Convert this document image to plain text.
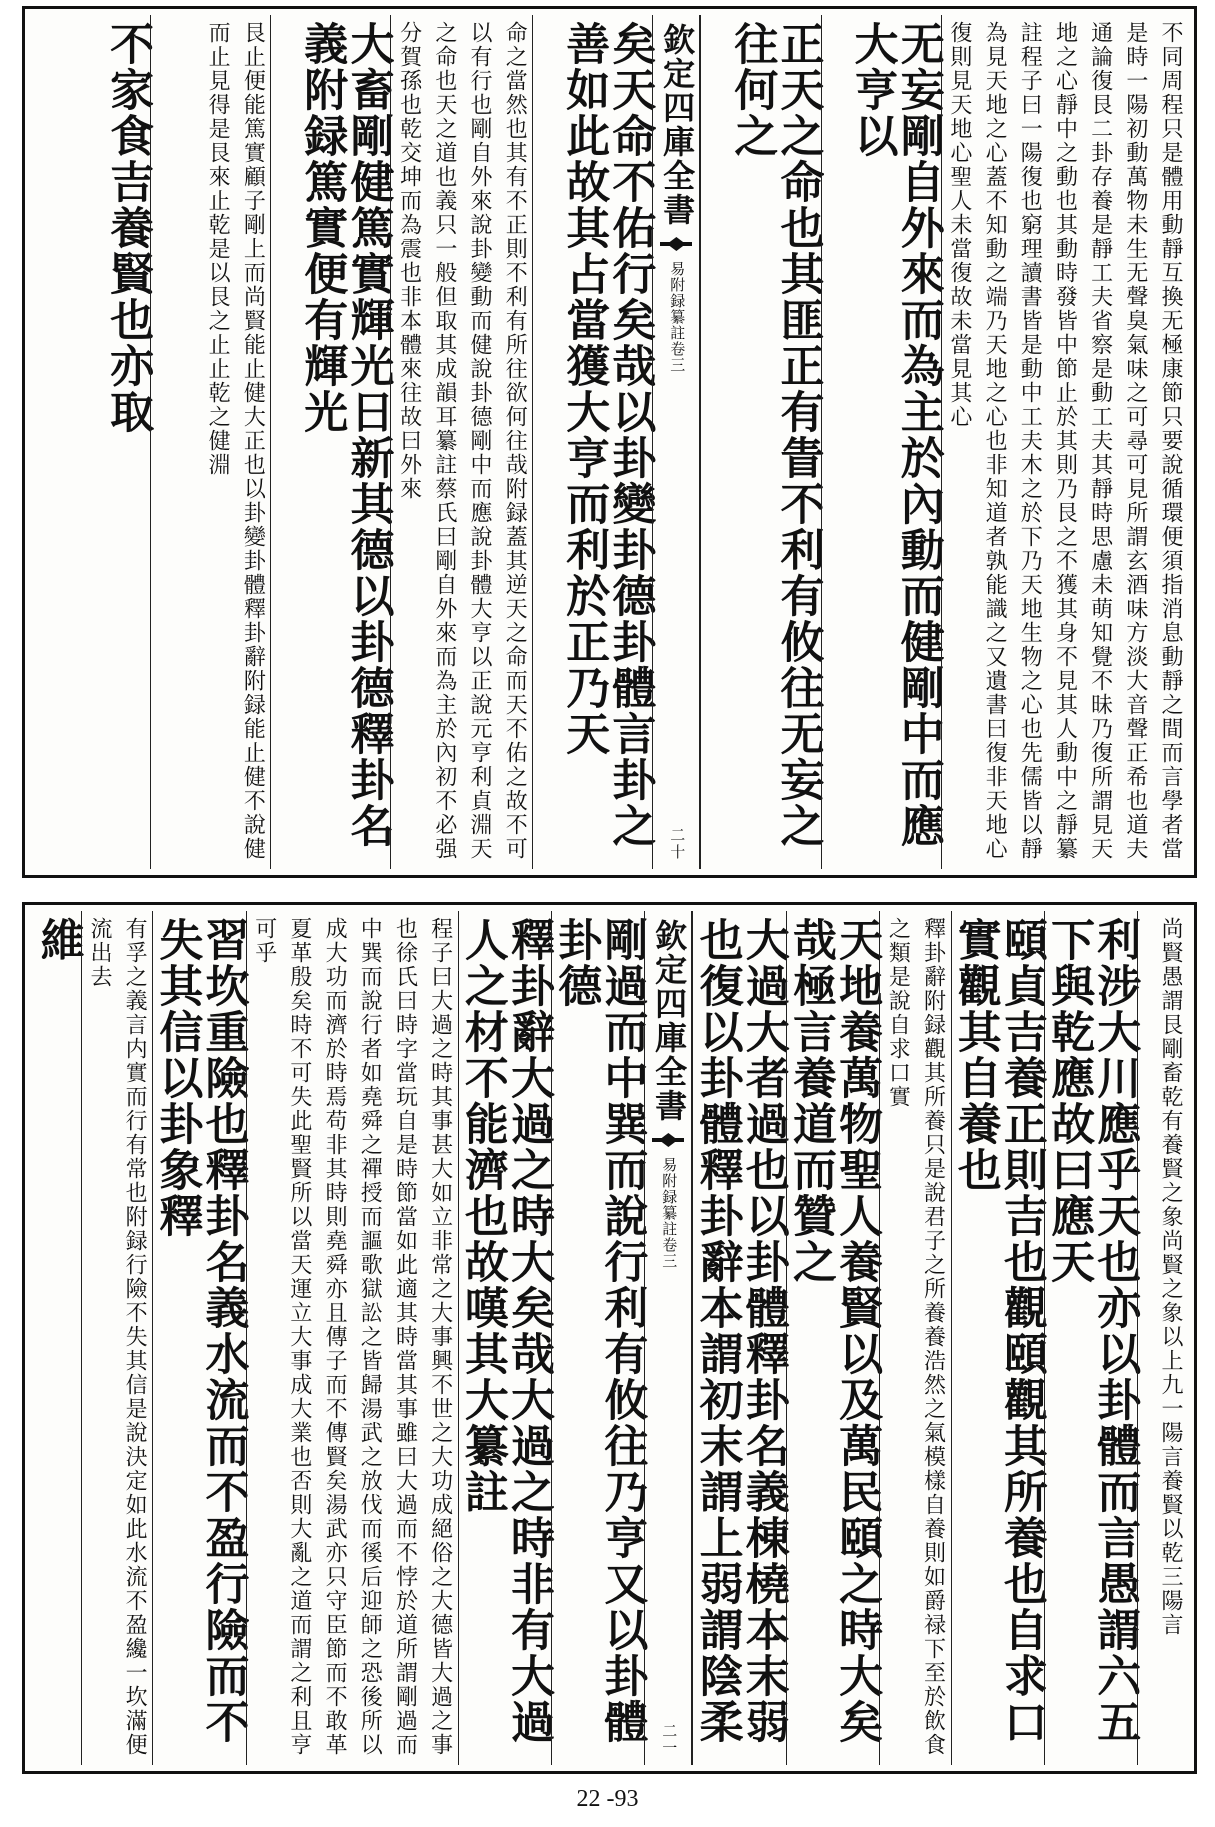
不同周程只是體用動靜互換无極康節只要說循環便須指消息動靜之間而言學者當是時一陽初動萬物未生无聲臭氣味之可尋可見所謂玄酒味方淡大音聲正希也道夫通論復艮二卦存養是靜工夫省察是動工夫其靜時思慮未萌知覺不昧乃復所謂見天地之心靜中之動也其動時發皆中節止於其則乃艮之不獲其身不見其人動中之靜纂註程子曰一陽復也窮理讀書皆是動中工夫木之於下乃天地生物之心也先儒皆以靜為見天地之心蓋不知動之端乃天地之心也非知道者孰能識之又遺書曰復非天地心復則見天地心聖人未當復故未當見其心
无妄剛自外來而為主於內動而健剛中而應大亨以
正天之命也其匪正有眚不利有攸往无妄之往何之
欽定四庫全書
易附録纂註
卷三
二十
矣天命不佑行矣哉以卦變卦德卦體言卦之善如此故其占當獲大亨而利於正乃天
命之當然也其有不正則不利有所往欲何往哉附録蓋其逆天之命而天不佑之故不可以有行也剛自外來說卦變動而健說卦德剛中而應說卦體大亨以正說元亨利貞淵天之命也天之道也義只一般但取其成韻耳纂註蔡氏曰剛自外來而為主於內初不必强分賀孫也乾交坤而為震也非本體來往故曰外來
大畜剛健篤實輝光日新其德以卦德釋卦名義附録篤實便有輝光
艮止便能篤實顧子剛上而尚賢能止健大正也以卦變卦體釋卦辭附録能止健不說健而止見得是艮來止乾是以艮之止止乾之健淵
不家食吉養賢也亦取
尚賢愚謂艮剛畜乾有養賢之象尚賢之象以上九一陽言養賢以乾三陽言
利涉大川應乎天也亦以卦體而言愚謂六五下與乾應故曰應天
頤貞吉養正則吉也觀頤觀其所養也自求口實觀其自養也
釋卦辭附録觀其所養只是說君子之所養養浩然之氣模樣自養則如爵禄下至於飲食之類是說自求口實
天地養萬物聖人養賢以及萬民頤之時大矣哉極言養道而贊之
大過大者過也以卦體釋卦名義棟橈本末弱也復以卦體釋卦辭本謂初末謂上弱謂陰柔
欽定四庫全書
易附録纂註
卷三
二一
剛過而中巽而說行利有攸往乃亨又以卦體卦德
釋卦辭大過之時大矣哉大過之時非有大過人之材不能濟也故嘆其大纂註
程子曰大過之時其事甚大如立非常之大事興不世之大功成絕俗之大德皆大過之事也徐氏曰時字當玩自是時節當如此適其時當其事雖曰大過而不悖於道所謂剛過而中巽而說行者如堯舜之禪授而謳歌獄訟之皆歸湯武之放伐而徯后迎師之恐後所以成大功而濟於時焉苟非其時則堯舜亦且傳子而不傳賢矣湯武亦只守臣節而不敢革夏革殷矣時不可失此聖賢所以當天運立大事成大業也否則大亂之道而謂之利且亨可乎
習坎重險也釋卦名義水流而不盈行險而不失其信以卦象釋
有孚之義言内實而行有常也附録行險不失其信是說決定如此水流不盈纔一坎滿便流出去
維
22 -93
